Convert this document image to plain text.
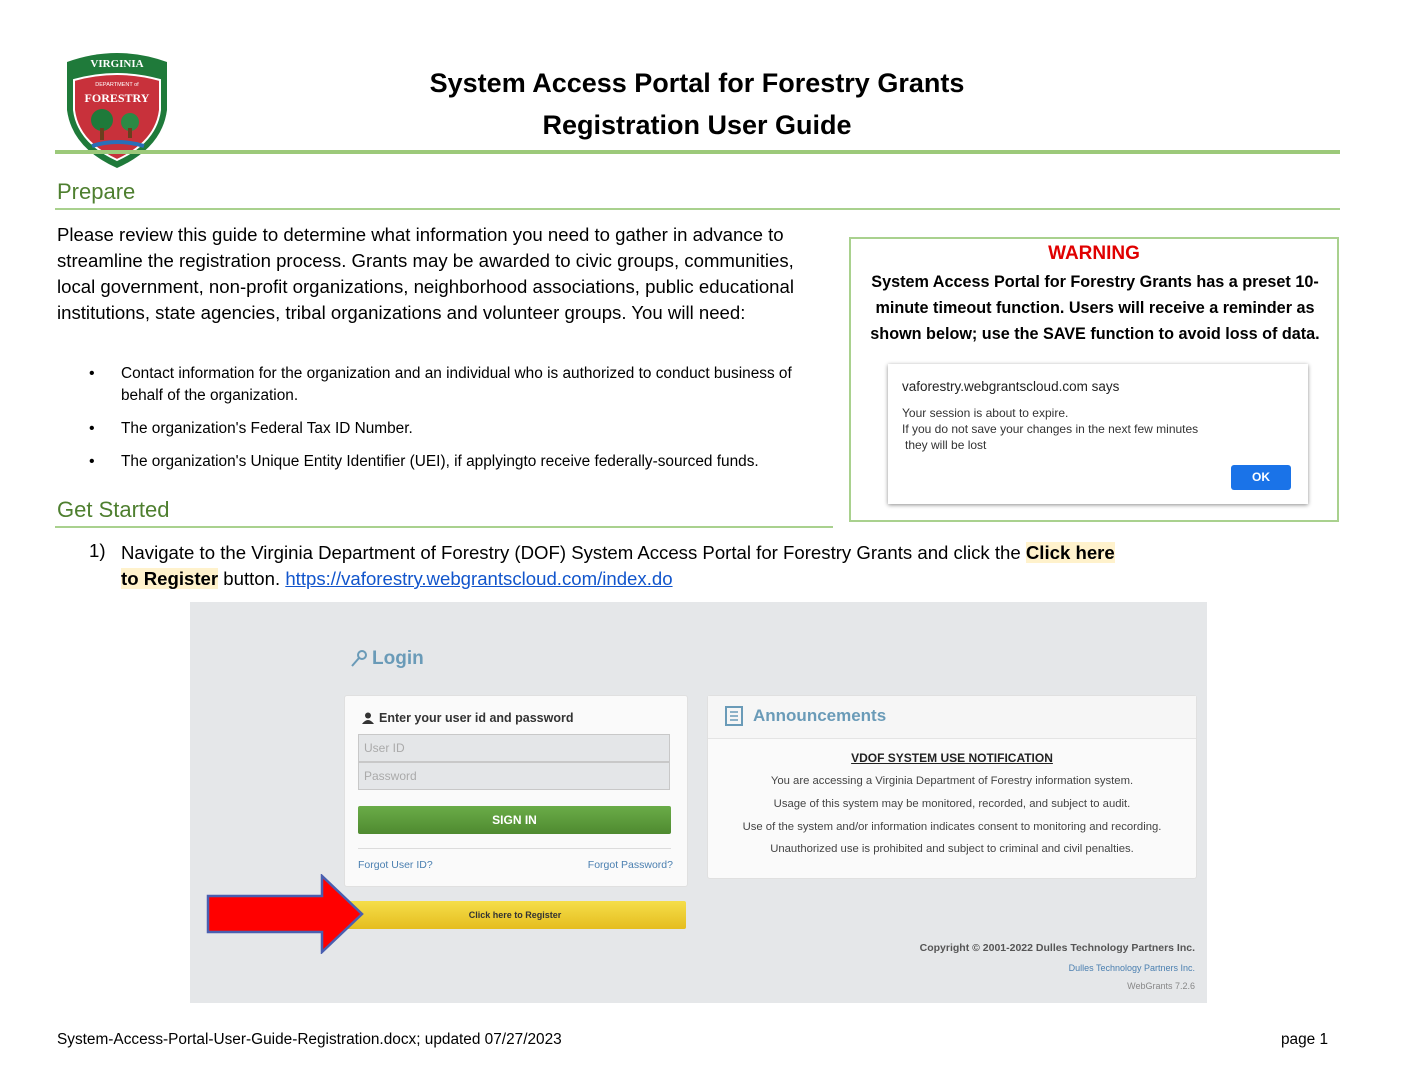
VIRGINIA
DEPARTMENT of
FORESTRY	System Access Portal for Forestry Grants
Registration User Guide
Prepare
Please review this guide to determine what information you need to gather in advance to streamline the registration process. Grants may be awarded to civic groups, communities, local government, non-profit organizations, neighborhood associations, public educational institutions, state agencies, tribal organizations and volunteer groups. You will need:
• Contact information for the organization and an individual who is authorized to conduct business of behalf of the organization.
• The organization's Federal Tax ID Number.
• The organization's Unique Entity Identifier (UEI), if applyingto receive federally-sourced funds.
WARNING
System Access Portal for Forestry Grants has a preset 10-minute timeout function. Users will receive a reminder as shown below; use the SAVE function to avoid loss of data.
vaforestry.webgrantscloud.com says
Your session is about to expire.
If you do not save your changes in the next few minutes
they will be lost
OK
Get Started
1) Navigate to the Virginia Department of Forestry (DOF) System Access Portal for Forestry Grants and click the Click here to Register button. https://vaforestry.webgrantscloud.com/index.do
Login
Enter your user id and password
User ID
Password
SIGN IN
Forgot User ID?	Forgot Password?
Click here to Register
Announcements
VDOF SYSTEM USE NOTIFICATION
You are accessing a Virginia Department of Forestry information system.
Usage of this system may be monitored, recorded, and subject to audit.
Use of the system and/or information indicates consent to monitoring and recording.
Unauthorized use is prohibited and subject to criminal and civil penalties.
Copyright © 2001-2022 Dulles Technology Partners Inc.
Dulles Technology Partners Inc.
WebGrants 7.2.6
System-Access-Portal-User-Guide-Registration.docx; updated 07/27/2023	page 1
